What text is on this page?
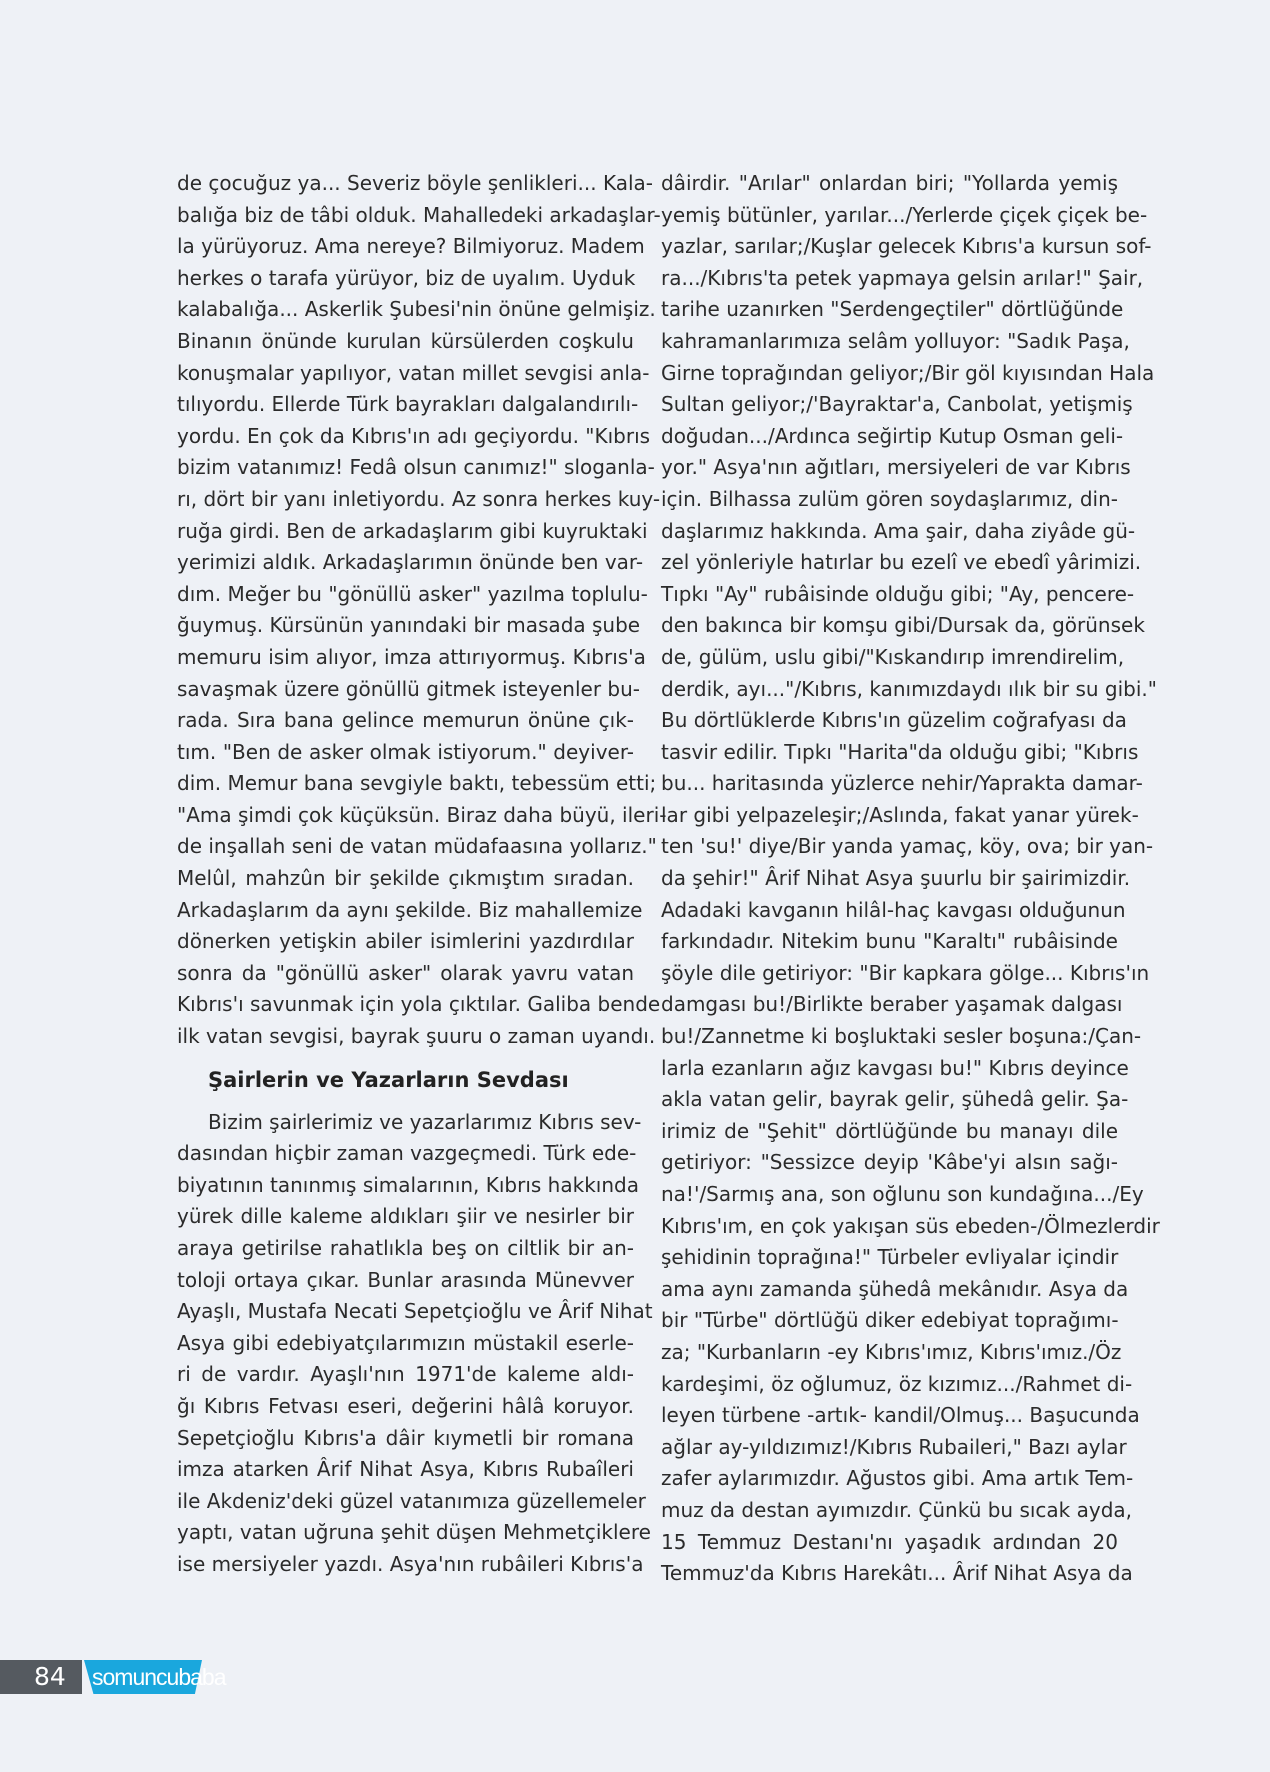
de çocuğuz ya... Severiz böyle şenlikleri... Kala-
balığa biz de tâbi olduk. Mahalledeki arkadaşlar-
la yürüyoruz. Ama nereye? Bilmiyoruz. Madem
herkes o tarafa yürüyor, biz de uyalım. Uyduk
kalabalığa... Askerlik Şubesi'nin önüne gelmişiz.
Binanın önünde kurulan kürsülerden coşkulu
konuşmalar yapılıyor, vatan millet sevgisi anla-
tılıyordu. Ellerde Türk bayrakları dalgalandırılı-
yordu. En çok da Kıbrıs'ın adı geçiyordu. "Kıbrıs
bizim vatanımız! Fedâ olsun canımız!" sloganla-
rı, dört bir yanı inletiyordu. Az sonra herkes kuy-
ruğa girdi. Ben de arkadaşlarım gibi kuyruktaki
yerimizi aldık. Arkadaşlarımın önünde ben var-
dım. Meğer bu "gönüllü asker" yazılma toplulu-
ğuymuş. Kürsünün yanındaki bir masada şube
memuru isim alıyor, imza attırıyormuş. Kıbrıs'a
savaşmak üzere gönüllü gitmek isteyenler bu-
rada. Sıra bana gelince memurun önüne çık-
tım. "Ben de asker olmak istiyorum." deyiver-
dim. Memur bana sevgiyle baktı, tebessüm etti;
"Ama şimdi çok küçüksün. Biraz daha büyü, ileri-
de inşallah seni de vatan müdafaasına yollarız."
Melûl, mahzûn bir şekilde çıkmıştım sıradan.
Arkadaşlarım da aynı şekilde. Biz mahallemize
dönerken yetişkin abiler isimlerini yazdırdılar
sonra da "gönüllü asker" olarak yavru vatan
Kıbrıs'ı savunmak için yola çıktılar. Galiba bende
ilk vatan sevgisi, bayrak şuuru o zaman uyandı.

Şairlerin ve Yazarların Sevdası

Bizim şairlerimiz ve yazarlarımız Kıbrıs sev-
dasından hiçbir zaman vazgeçmedi. Türk ede-
biyatının tanınmış simalarının, Kıbrıs hakkında
yürek dille kaleme aldıkları şiir ve nesirler bir
araya getirilse rahatlıkla beş on ciltlik bir an-
toloji ortaya çıkar. Bunlar arasında Münevver
Ayaşlı, Mustafa Necati Sepetçioğlu ve Ârif Nihat
Asya gibi edebiyatçılarımızın müstakil eserle-
ri de vardır. Ayaşlı'nın 1971'de kaleme aldı-
ğı Kıbrıs Fetvası eseri, değerini hâlâ koruyor.
Sepetçioğlu Kıbrıs'a dâir kıymetli bir romana
imza atarken Ârif Nihat Asya, Kıbrıs Rubaîleri
ile Akdeniz'deki güzel vatanımıza güzellemeler
yaptı, vatan uğruna şehit düşen Mehmetçiklere
ise mersiyeler yazdı. Asya'nın rubâileri Kıbrıs'a

dâirdir. "Arılar" onlardan biri; "Yollarda yemiş
yemiş bütünler, yarılar.../Yerlerde çiçek çiçek be-
yazlar, sarılar;/Kuşlar gelecek Kıbrıs'a kursun sof-
ra.../Kıbrıs'ta petek yapmaya gelsin arılar!" Şair,
tarihe uzanırken "Serdengeçtiler" dörtlüğünde
kahramanlarımıza selâm yolluyor: "Sadık Paşa,
Girne toprağından geliyor;/Bir göl kıyısından Hala
Sultan geliyor;/'Bayraktar'a, Canbolat, yetişmiş
doğudan.../Ardınca seğirtip Kutup Osman geli-
yor." Asya'nın ağıtları, mersiyeleri de var Kıbrıs
için. Bilhassa zulüm gören soydaşlarımız, din-
daşlarımız hakkında. Ama şair, daha ziyâde gü-
zel yönleriyle hatırlar bu ezelî ve ebedî yârimizi.
Tıpkı "Ay" rubâisinde olduğu gibi; "Ay, pencere-
den bakınca bir komşu gibi/Dursak da, görünsek
de, gülüm, uslu gibi/"Kıskandırıp imrendirelim,
derdik, ayı..."/Kıbrıs, kanımızdaydı ılık bir su gibi."
Bu dörtlüklerde Kıbrıs'ın güzelim coğrafyası da
tasvir edilir. Tıpkı "Harita"da olduğu gibi; "Kıbrıs
bu... haritasında yüzlerce nehir/Yaprakta damar-
lar gibi yelpazeleşir;/Aslında, fakat yanar yürek-
ten 'su!' diye/Bir yanda yamaç, köy, ova; bir yan-
da şehir!" Ârif Nihat Asya şuurlu bir şairimizdir.
Adadaki kavganın hilâl-haç kavgası olduğunun
farkındadır. Nitekim bunu "Karaltı" rubâisinde
şöyle dile getiriyor: "Bir kapkara gölge... Kıbrıs'ın
damgası bu!/Birlikte beraber yaşamak dalgası
bu!/Zannetme ki boşluktaki sesler boşuna:/Çan-
larla ezanların ağız kavgası bu!" Kıbrıs deyince
akla vatan gelir, bayrak gelir, şühedâ gelir. Şa-
irimiz de "Şehit" dörtlüğünde bu manayı dile
getiriyor: "Sessizce deyip 'Kâbe'yi alsın sağı-
na!'/Sarmış ana, son oğlunu son kundağına.../Ey
Kıbrıs'ım, en çok yakışan süs ebeden-/Ölmezlerdir
şehidinin toprağına!" Türbeler evliyalar içindir
ama aynı zamanda şühedâ mekânıdır. Asya da
bir "Türbe" dörtlüğü diker edebiyat toprağımı-
za; "Kurbanların -ey Kıbrıs'ımız, Kıbrıs'ımız./Öz
kardeşimi, öz oğlumuz, öz kızımız.../Rahmet di-
leyen türbene -artık- kandil/Olmuş... Başucunda
ağlar ay-yıldızımız!/Kıbrıs Rubaileri," Bazı aylar
zafer aylarımızdır. Ağustos gibi. Ama artık Tem-
muz da destan ayımızdır. Çünkü bu sıcak ayda,
15 Temmuz Destanı'nı yaşadık ardından 20
Temmuz'da Kıbrıs Harekâtı... Ârif Nihat Asya da

84 somuncubaba
